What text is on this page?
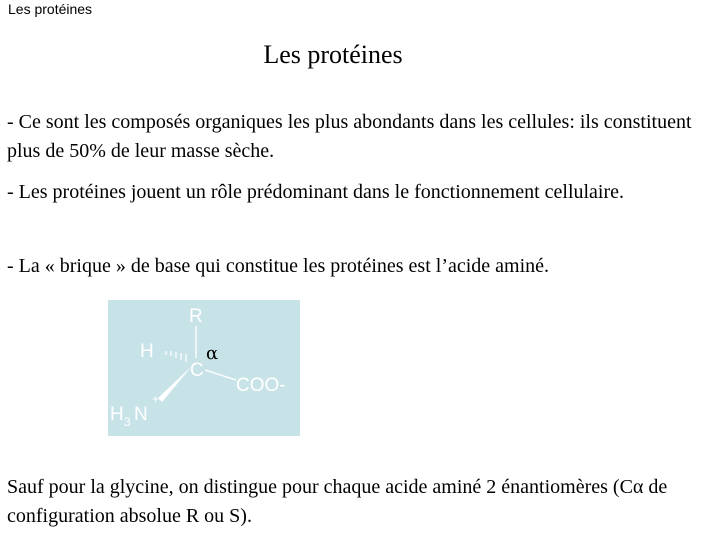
Les protéines
Les protéines
- Ce sont les composés organiques les plus abondants dans les cellules: ils constituent plus de 50% de leur masse sèche.
- Les protéines jouent un rôle prédominant dans le fonctionnement cellulaire.
- La « brique » de base qui constitue les protéines est l’acide aminé.
R
H
C
α
COO-
+
H 3 N
Sauf pour la glycine, on distingue pour chaque acide aminé 2 énantiomères (Cα de configuration absolue R ou S).
